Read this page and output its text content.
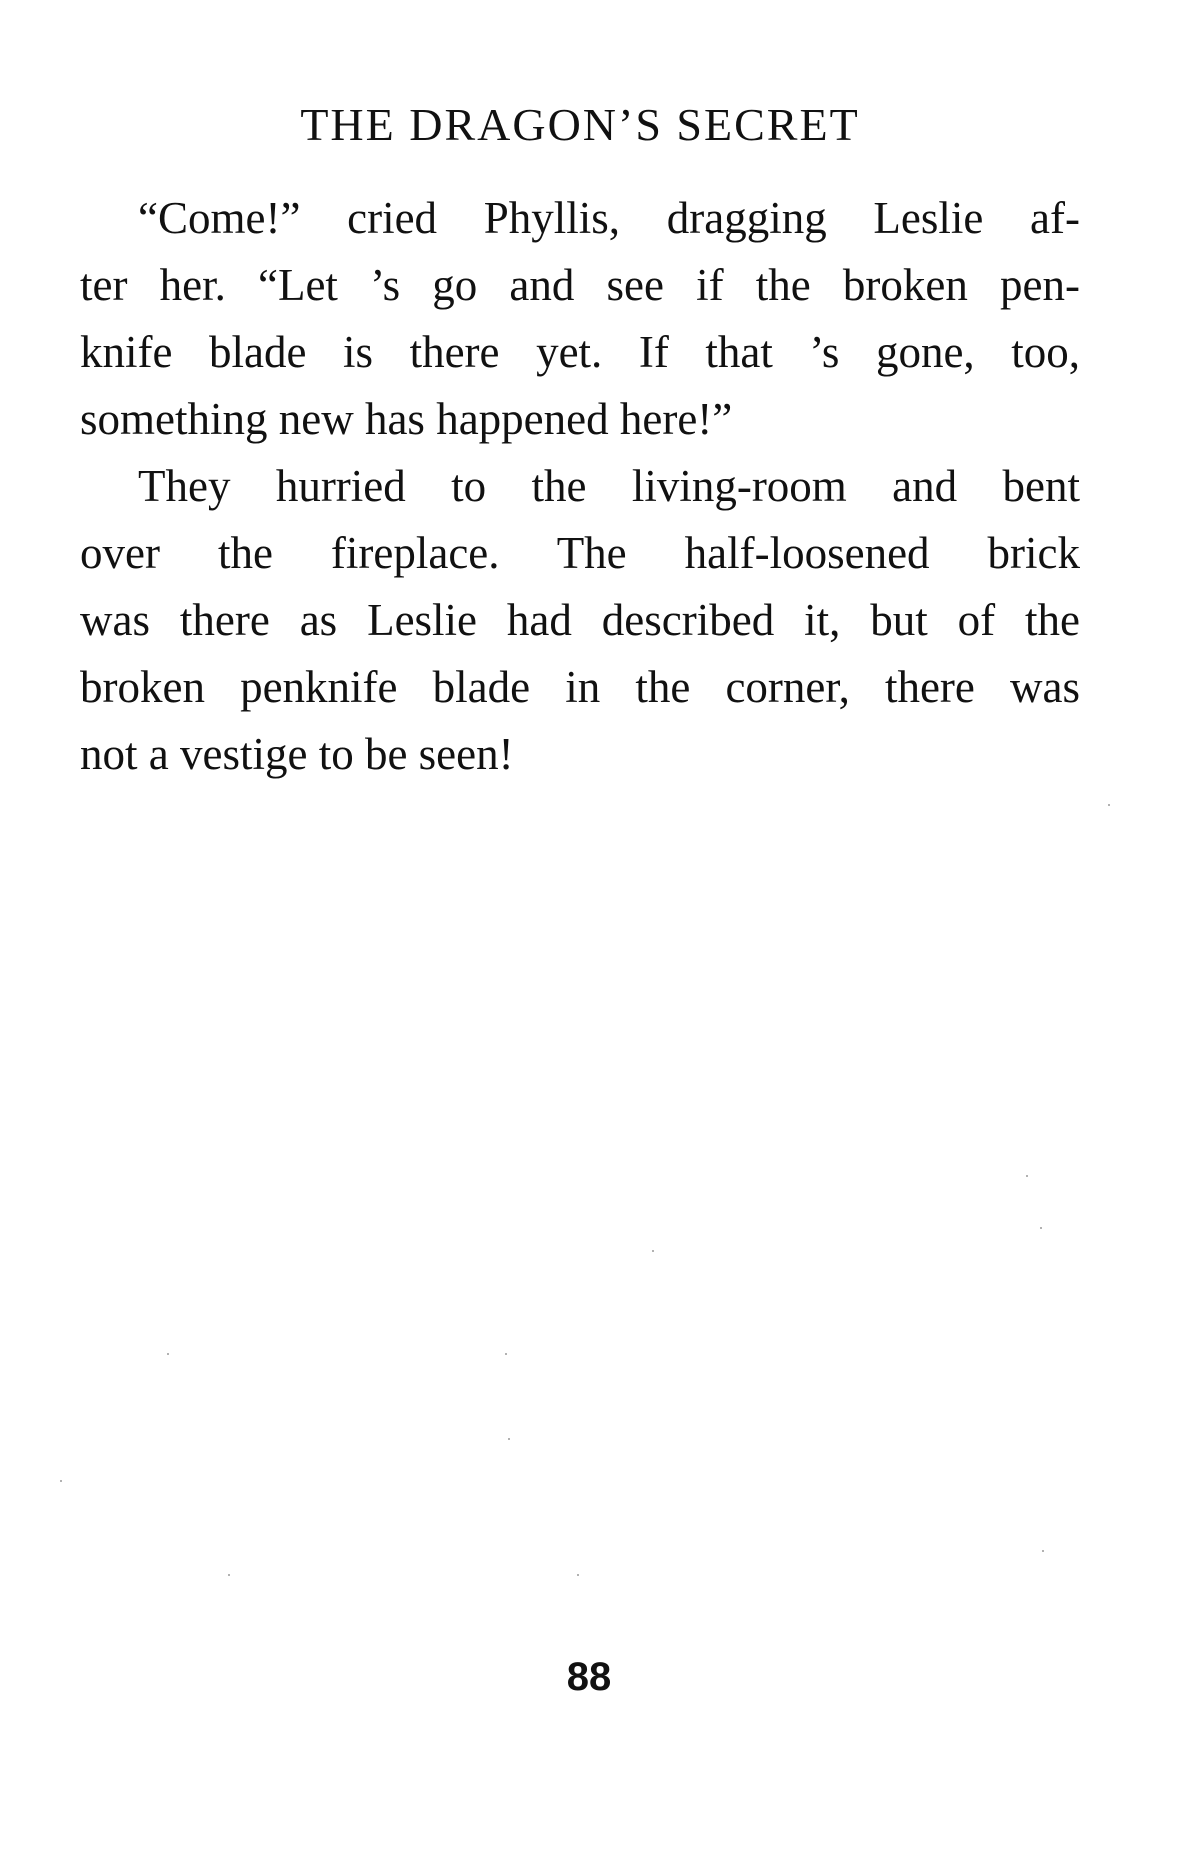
THE DRAGON’S SECRET

“Come!” cried Phyllis, dragging Leslie af-
ter her. “Let ’s go and see if the broken pen-
knife blade is there yet. If that ’s gone, too,
something new has happened here!”

They hurried to the living-room and bent
over the fireplace. The half-loosened brick
was there as Leslie had described it, but of the
broken penknife blade in the corner, there was
not a vestige to be seen!

88
